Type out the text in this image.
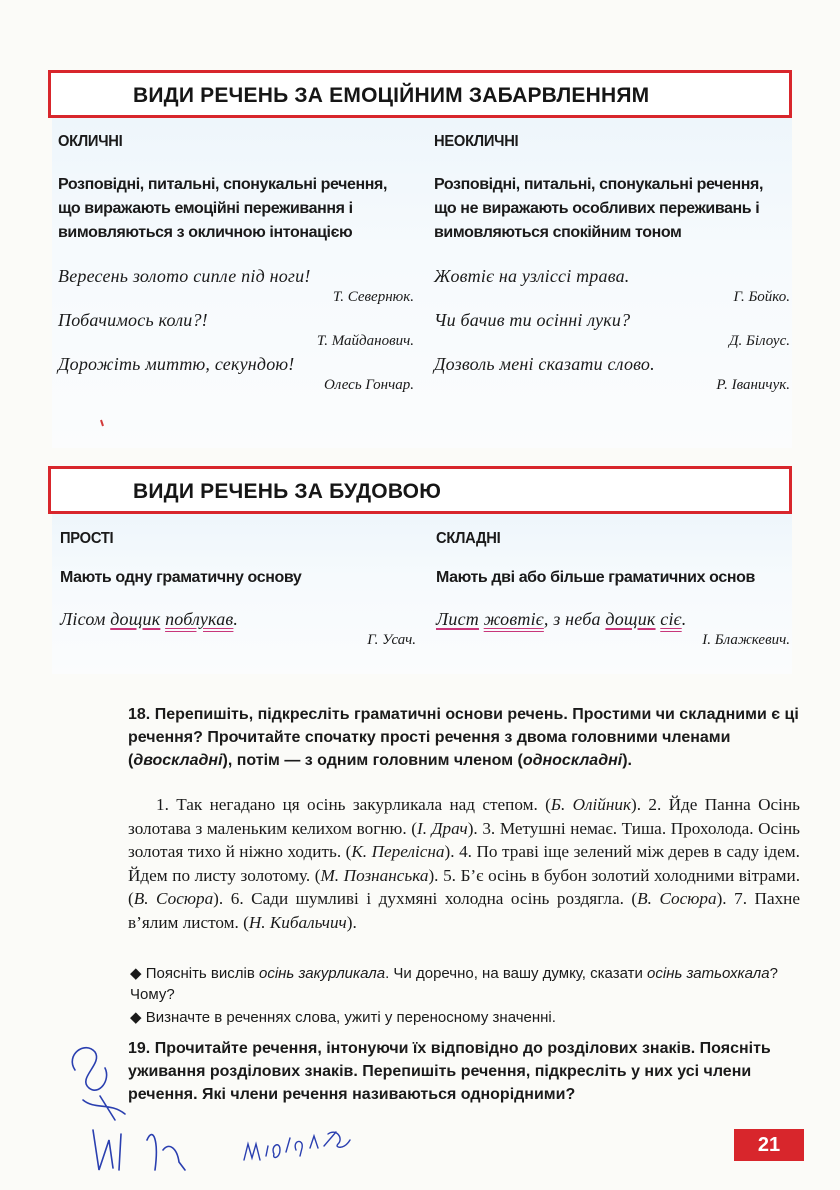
ВИДИ РЕЧЕНЬ ЗА ЕМОЦІЙНИМ ЗАБАРВЛЕННЯМ
ОКЛИЧНІ
Розповідні, питальні, спонукальні речення, що виражають емоційні переживання і вимовляються з окличною інтонацією
Вересень золото сипле під ноги!
Т. Севернюк.
Побачимось коли?!
Т. Майданович.
Дорожіть миттю, секундою!
Олесь Гончар.
НЕОКЛИЧНІ
Розповідні, питальні, спонукальні речення, що не виражають особливих переживань і вимовляються спокійним тоном
Жовтіє на узліссі трава.
Г. Бойко.
Чи бачив ти осінні луки?
Д. Білоус.
Дозволь мені сказати слово.
Р. Іваничук.
ВИДИ РЕЧЕНЬ ЗА БУДОВОЮ
ПРОСТІ
Мають одну граматичну основу
Лісом дощик поблукав.
Г. Усач.
СКЛАДНІ
Мають дві або більше граматичних основ
Лист жовтіє, з неба дощик сіє.
І. Блажкевич.
18. Перепишіть, підкресліть граматичні основи речень. Простими чи складними є ці речення? Прочитайте спочатку прості речення з двома головними членами (двоскладні), потім — з одним головним членом (односкладні).
1. Так негадано ця осінь закурликала над степом. (Б. Олійник). 2. Йде Панна Осінь золотава з маленьким келихом вогню. (І. Драч). 3. Метушні немає. Тиша. Прохолода. Осінь золотая тихо й ніжно ходить. (К. Перелісна). 4. По траві іще зелений між дерев в саду ідем. Йдем по листу золотому. (М. Познанська). 5. Б’є осінь в бубон золотий холодними вітрами. (В. Сосюра). 6. Сади шумливі і духмяні холодна осінь роздягла. (В. Сосюра). 7. Пахне в’ялим листом. (Н. Кибальчич).
◆ Поясніть вислів осінь закурликала. Чи доречно, на вашу думку, сказати осінь затьохкала? Чому?
◆ Визначте в реченнях слова, ужиті у переносному значенні.
19. Прочитайте речення, інтонуючи їх відповідно до розділових знаків. Поясніть уживання розділових знаків. Перепишіть речення, підкресліть у них усі члени речення. Які члени речення називаються однорідними?
21
